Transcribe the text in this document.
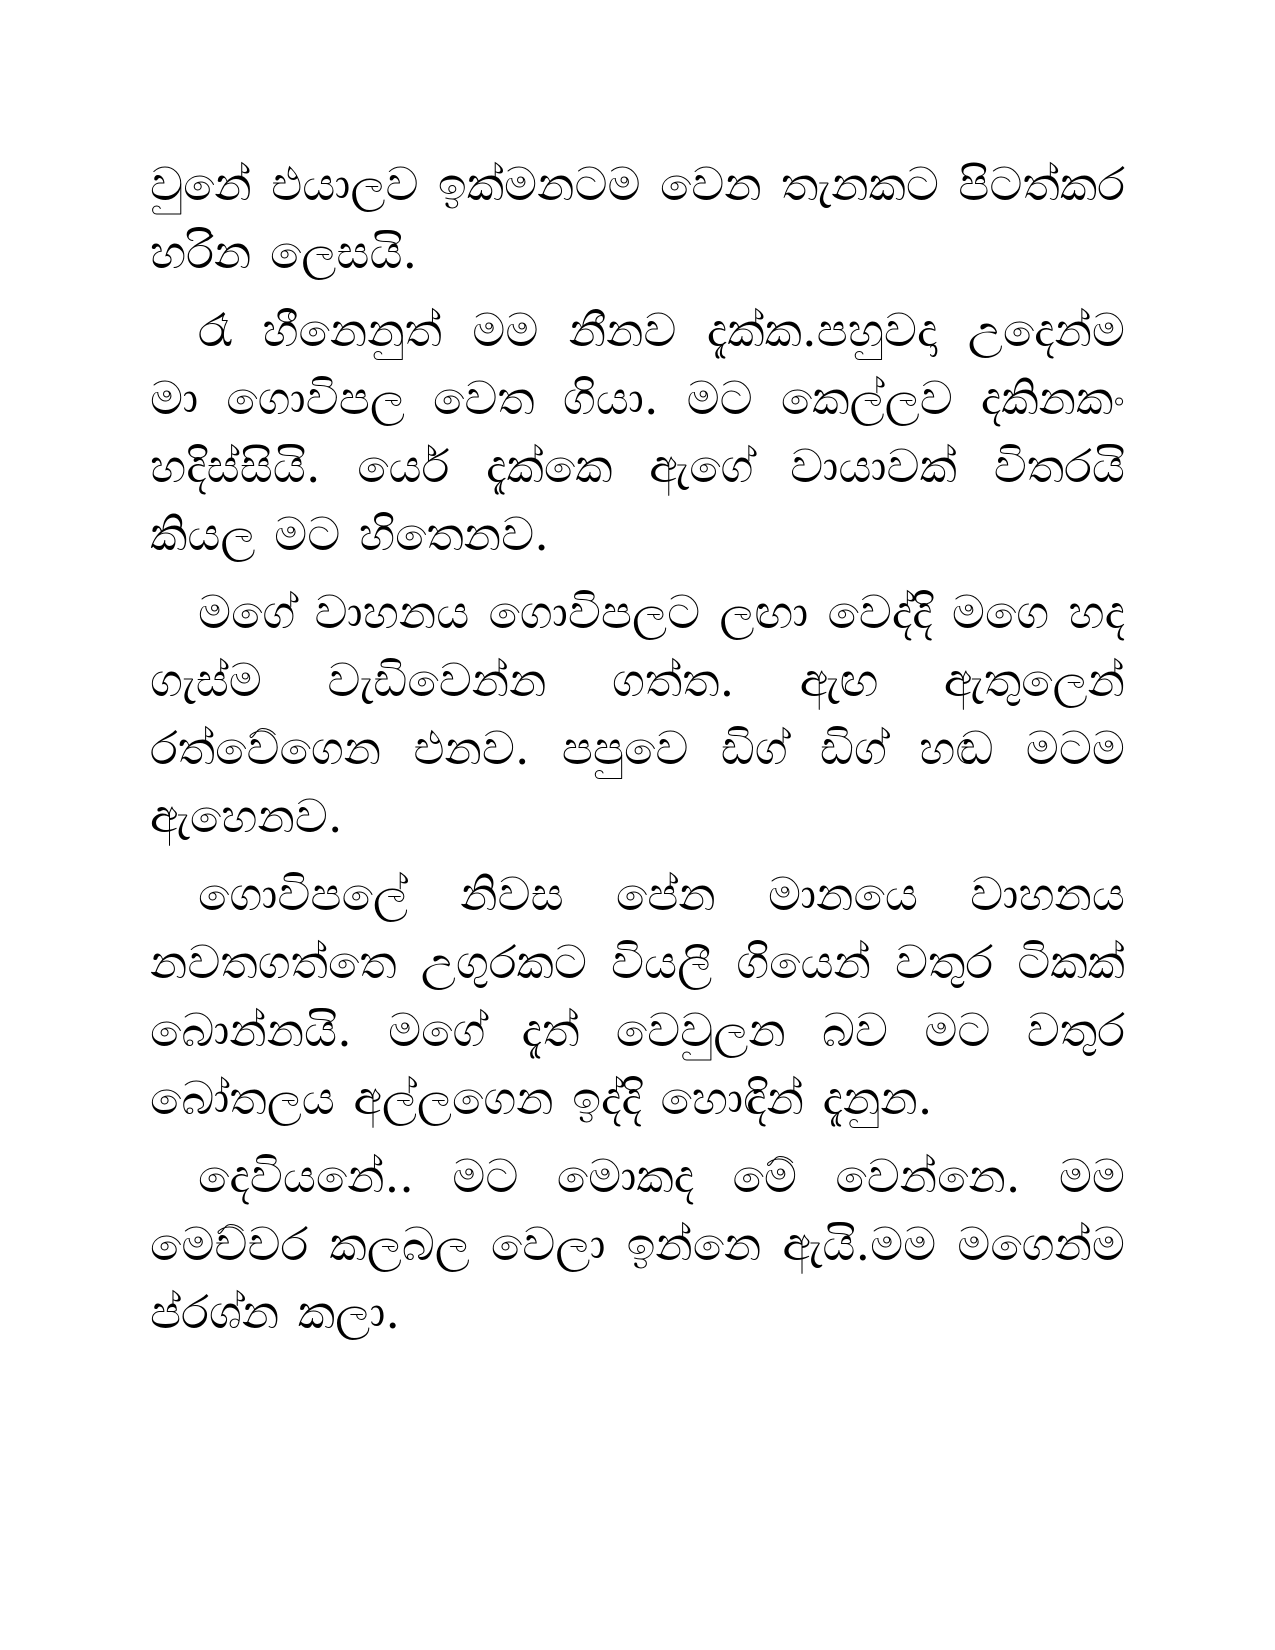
වුනේ එයාලව ඉක්මනටම වෙන තැනකට පිටත්කර හරින ලෙසයි.

රෑ හීනෙනුත් මම නීනව දැක්ක.පහුවදා උදෙන්ම මා ගොවිපල වෙත ගියා. මට කෙල්ලව දකිනකං හදිස්සියි. ර්යෙ දැක්කෙ ඇගේ වායාවක් විතරයි කියල මට හිතෙනව.

මගේ වාහනය ගොවිපලට ලඟා වෙද්දි මගෙ හද ගැස්ම වැඩිවෙන්න ගත්ත. ඇඟ ඇතුලෙන් රත්වේගෙන එනව. පපුවෙ ඩිග් ඩිග් හඬ මටම ඇහෙනව.

ගොවිපලේ නිවස පේන මානයෙ වාහනය නවතගත්තෙ උගුරකට වියලී ගියෙන් වතුර ටිකක් බොන්නයි. මගේ දැත් වෙවුලන බව මට වතුර බෝතලය අල්ලගෙන ඉද්දි හොඳින් දැනුන.

දෙවියනේ.. මට මොකද මේ වෙන්නෙ. මම මෙච්චර කලබල වෙලා ඉන්නෙ ඇයි.මම මගෙන්ම ප්රශ්න කලා.
